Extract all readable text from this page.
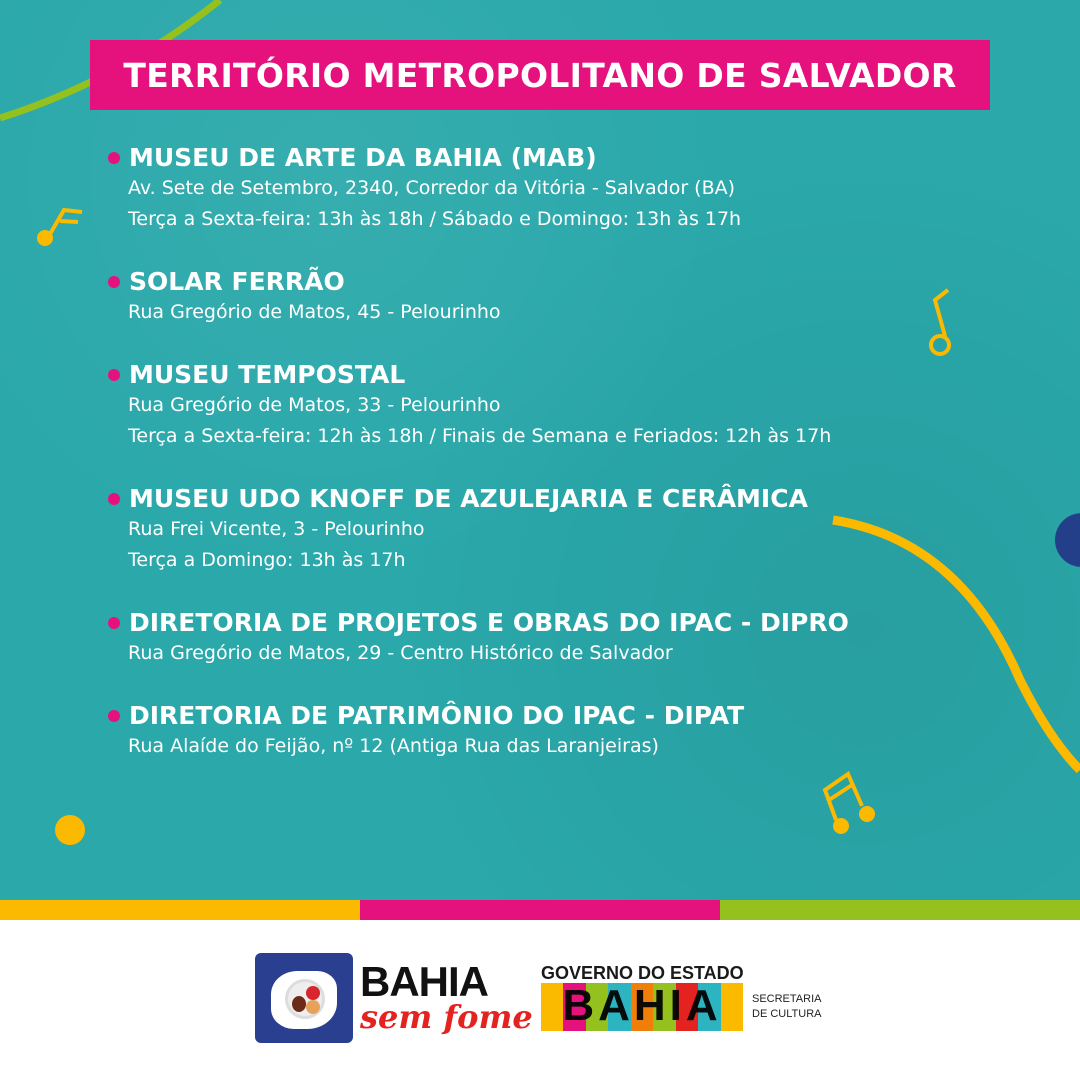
TERRITÓRIO METROPOLITANO DE SALVADOR
MUSEU DE ARTE DA BAHIA (MAB)

Av. Sete de Setembro, 2340, Corredor da Vitória - Salvador (BA)

Terça a Sexta-feira: 13h às 18h / Sábado e Domingo: 13h às 17h

SOLAR FERRÃO

Rua Gregório de Matos, 45 - Pelourinho

MUSEU TEMPOSTAL

Rua Gregório de Matos, 33 - Pelourinho

Terça a Sexta-feira: 12h às 18h / Finais de Semana e Feriados: 12h às 17h

MUSEU UDO KNOFF DE AZULEJARIA E CERÂMICA

Rua Frei Vicente, 3 - Pelourinho

Terça a Domingo: 13h às 17h

DIRETORIA DE PROJETOS E OBRAS DO IPAC - DIPRO

Rua Gregório de Matos, 29 - Centro Histórico de Salvador

DIRETORIA DE PATRIMÔNIO DO IPAC - DIPAT

Rua Alaíde do Feijão, nº 12 (Antiga Rua das Laranjeiras)

BAHIA
sem fome
GOVERNO DO ESTADO
BAHIA	SECRETARIA
DE CULTURA
